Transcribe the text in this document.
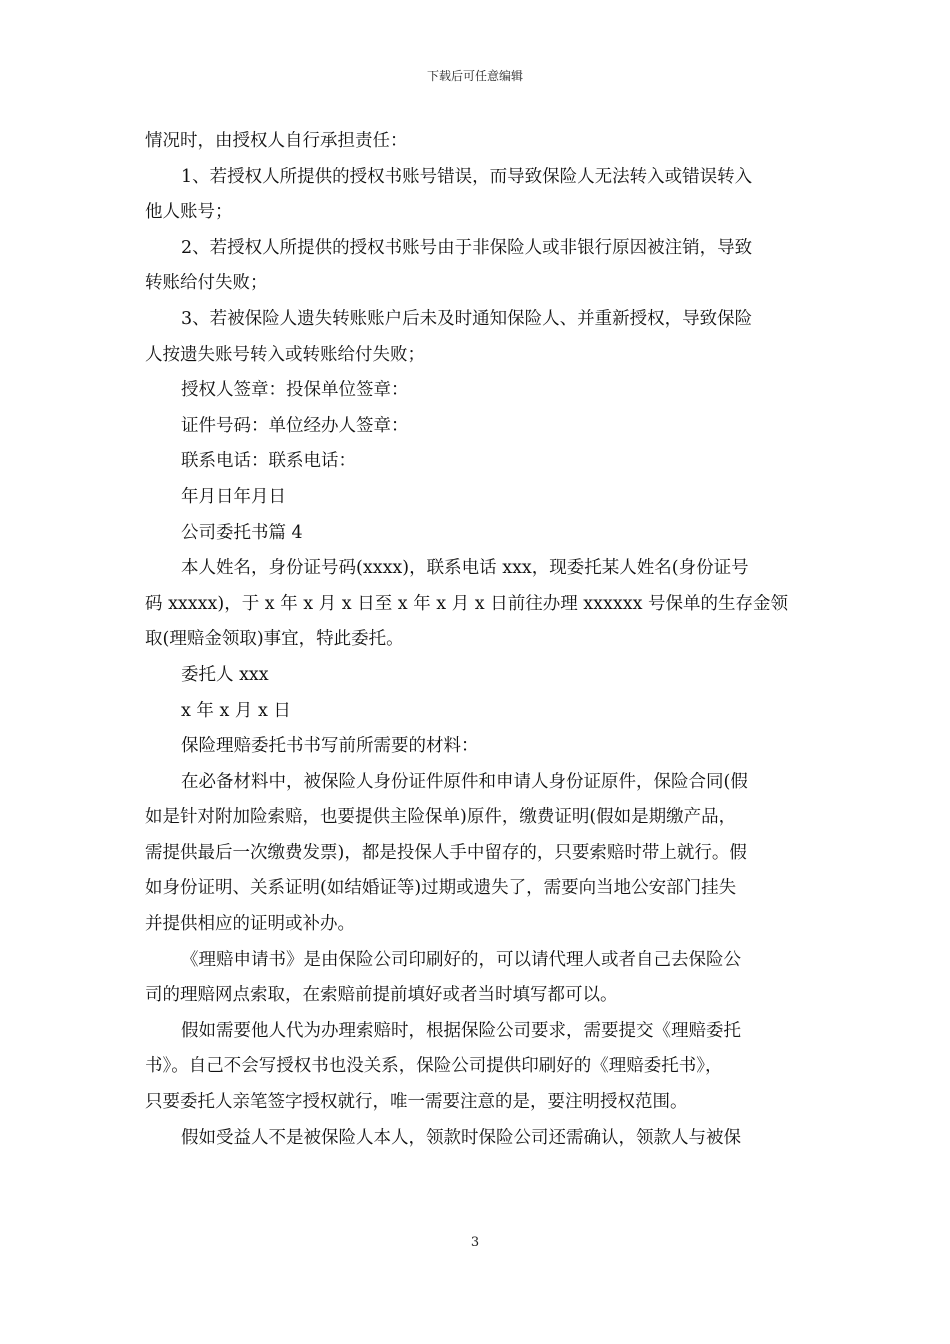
下载后可任意编辑
情况时，由授权人自行承担责任：
1、若授权人所提供的授权书账号错误，而导致保险人无法转入或错误转入
他人账号；
2、若授权人所提供的授权书账号由于非保险人或非银行原因被注销，导致
转账给付失败；
3、若被保险人遗失转账账户后未及时通知保险人、并重新授权，导致保险
人按遗失账号转入或转账给付失败；
授权人签章：投保单位签章：
证件号码：单位经办人签章：
联系电话：联系电话：
年月日年月日
公司委托书篇 4
本人姓名，身份证号码(xxxx)，联系电话 xxx，现委托某人姓名(身份证号
码 xxxxx)，于 x 年 x 月 x 日至 x 年 x 月 x 日前往办理 xxxxxx 号保单的生存金领
取(理赔金领取)事宜，特此委托。
委托人 xxx
x 年 x 月 x 日
保险理赔委托书书写前所需要的材料：
在必备材料中，被保险人身份证件原件和申请人身份证原件，保险合同(假
如是针对附加险索赔，也要提供主险保单)原件，缴费证明(假如是期缴产品，
需提供最后一次缴费发票)，都是投保人手中留存的，只要索赔时带上就行。假
如身份证明、关系证明(如结婚证等)过期或遗失了，需要向当地公安部门挂失
并提供相应的证明或补办。
《理赔申请书》是由保险公司印刷好的，可以请代理人或者自己去保险公
司的理赔网点索取，在索赔前提前填好或者当时填写都可以。
假如需要他人代为办理索赔时，根据保险公司要求，需要提交《理赔委托
书》。自己不会写授权书也没关系，保险公司提供印刷好的《理赔委托书》，
只要委托人亲笔签字授权就行，唯一需要注意的是，要注明授权范围。
假如受益人不是被保险人本人，领款时保险公司还需确认，领款人与被保
3
